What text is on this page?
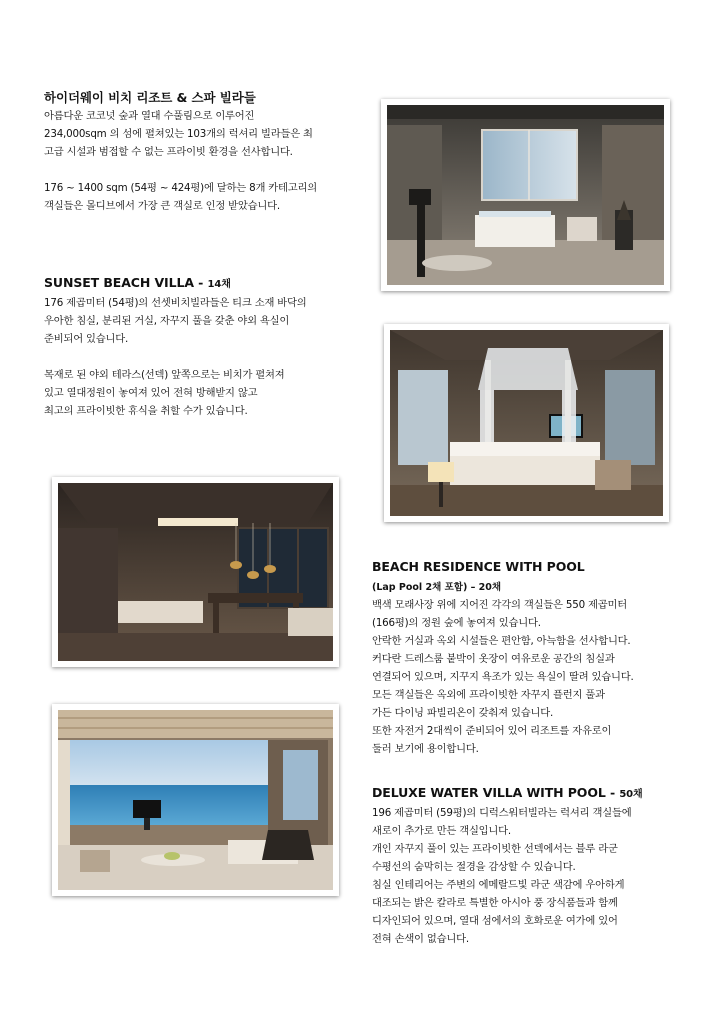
하이더웨이 비치 리조트 & 스파 빌라들

아름다운 코코넛 숲과 열대 수풀림으로 이루어진

234,000sqm 의 섬에 펼쳐있는 103개의 럭셔리 빌라들은 최

고급 시설과 범접할 수 없는 프라이빗 환경을 선사합니다.

176 ~ 1400 sqm (54평 ~ 424평)에 달하는 8개 카테고리의

객실들은 몰디브에서 가장 큰 객실로 인정 받았습니다.

SUNSET BEACH VILLA - 14채

176 제곱미터 (54평)의 선셋비치빌라들은 티크 소재 바닥의

우아한 침실, 분리된 거실, 자꾸지 풀을 갖춘 야외 욕실이

준비되어 있습니다.

목재로 된 야외 테라스(선덱) 앞쪽으로는 비치가 펼쳐져

있고 열대정원이 놓여져 있어 전혀 방해받지 않고

최고의 프라이빗한 휴식을 취할 수가 있습니다.

BEACH RESIDENCE WITH POOL

(Lap Pool 2채 포함) – 20채

백색 모래사장 위에 지어진 각각의 객실들은 550 제곱미터

(166평)의 정원 숲에 놓여져 있습니다.

안락한 거실과 옥외 시설들은 편안함, 아늑함을 선사합니다.

커다란 드레스룸 붙박이 옷장이 여유로운 공간의 침실과

연결되어 있으며, 지꾸지 욕조가 있는 욕실이 딸려 있습니다.

모든 객실들은 옥외에 프라이빗한 자꾸지 플런지 풀과

가든 다이닝 파빌리온이 갖춰져 있습니다.

또한 자전거 2대씩이 준비되어 있어 리조트를 자유로이

둘러 보기에 용이합니다.

DELUXE WATER VILLA WITH POOL - 50채

196 제곱미터 (59평)의 디럭스워터빌라는 럭셔리 객실들에

새로이 추가로 만든 객실입니다.

개인 자꾸지 풀이 있는 프라이빗한 선덱에서는 블루 라군

수평선의 숨막히는 절경을 감상할 수 있습니다.

침실 인테리어는 주변의 에메랄드빛 라군 색감에 우아하게

대조되는 밝은 칼라로 특별한 아시아 풍 장식품들과 함께

디자인되어 있으며, 열대 섬에서의 호화로운 여가에 있어

전혀 손색이 없습니다.
